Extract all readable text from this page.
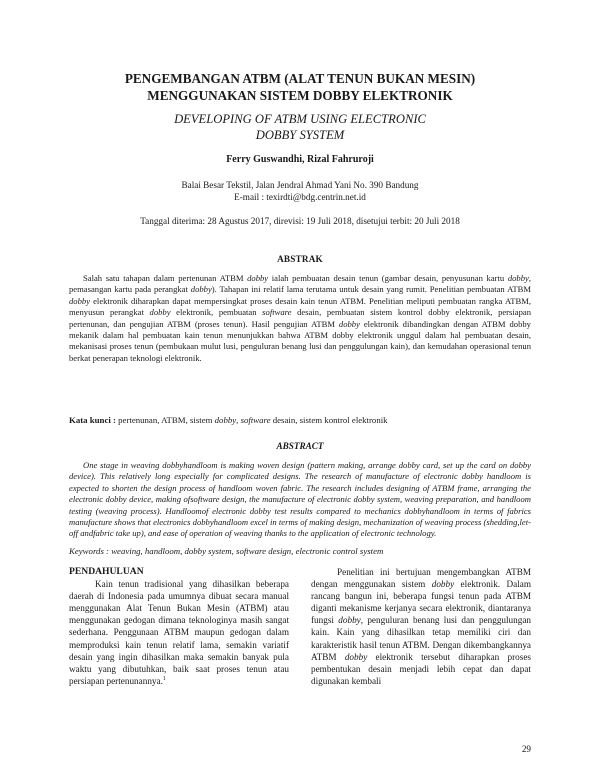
PENGEMBANGAN ATBM (ALAT TENUN BUKAN MESIN)
MENGGUNAKAN SISTEM DOBBY ELEKTRONIK
DEVELOPING OF ATBM USING ELECTRONIC
DOBBY SYSTEM
Ferry Guswandhi, Rizal Fahruroji
Balai Besar Tekstil, Jalan Jendral Ahmad Yani No. 390 Bandung
E-mail : texirdti@bdg.centrin.net.id
Tanggal diterima: 28 Agustus 2017, direvisi: 19 Juli 2018, disetujui terbit: 20 Juli 2018
ABSTRAK
Salah satu tahapan dalam pertenunan ATBM dobby ialah pembuatan desain tenun (gambar desain, penyusunan kartu dobby, pemasangan kartu pada perangkat dobby). Tahapan ini relatif lama terutama untuk desain yang rumit. Penelitian pembuatan ATBM dobby elektronik diharapkan dapat mempersingkat proses desain kain tenun ATBM. Penelitian meliputi pembuatan rangka ATBM, menyusun perangkat dobby elektronik, pembuatan software desain, pembuatan sistem kontrol dobby elektronik, persiapan pertenunan, dan pengujian ATBM (proses tenun). Hasil pengujian ATBM dobby elektronik dibandingkan dengan ATBM dobby mekanik dalam hal pembuatan kain tenun menunjukkan bahwa ATBM dobby elektronik unggul dalam hal pembuatan desain, mekanisasi proses tenun (pembukaan mulut lusi, penguluran benang lusi dan penggulungan kain), dan kemudahan operasional tenun berkat penerapan teknologi elektronik.
Kata kunci : pertenunan, ATBM, sistem dobby, software desain, sistem kontrol elektronik
ABSTRACT
One stage in weaving dobbyhandloom is making woven design (pattern making, arrange dobby card, set up the card on dobby device). This relatively long especially for complicated designs. The research of manufacture of electronic dobby handloom is expected to shorten the design process of handloom woven fabric. The research includes designing of ATBM frame, arranging the electronic dobby device, making ofsoftware design, the manufacture of electronic dobby system, weaving preparation, and handloom testing (weaving process). Handloomof electronic dobby test results compared to mechanics dobbyhandloom in terms of fabrics manufacture shows that electronics dobbyhandloom excel in terms of making design, mechanization of weaving process (shedding,let-off andfabric take up), and ease of operation of weaving thanks to the application of electronic technology.
Keywords : weaving, handloom, dobby system, software design, electronic control system
PENDAHULUAN
Kain tenun tradisional yang dihasilkan beberapa daerah di Indonesia pada umumnya dibuat secara manual menggunakan Alat Tenun Bukan Mesin (ATBM) atau menggunakan gedogan dimana teknologinya masih sangat sederhana. Penggunaan ATBM maupun gedogan dalam memproduksi kain tenun relatif lama, semakin variatif desain yang ingin dihasilkan maka semakin banyak pula waktu yang dibutuhkan, baik saat proses tenun atau persiapan pertenunannya.$^1$
Penelitian ini bertujuan mengembangkan ATBM dengan menggunakan sistem dobby elektronik. Dalam rancang bangun ini, beberapa fungsi tenun pada ATBM diganti mekanisme kerjanya secara elektronik, diantaranya fungsi dobby, penguluran benang lusi dan penggulungan kain. Kain yang dihasilkan tetap memiliki ciri dan karakteristik hasil tenun ATBM. Dengan dikembangkannya ATBM dobby elektronik tersebut diharapkan proses pembentukan desain menjadi lebih cepat dan dapat digunakan kembali
29
